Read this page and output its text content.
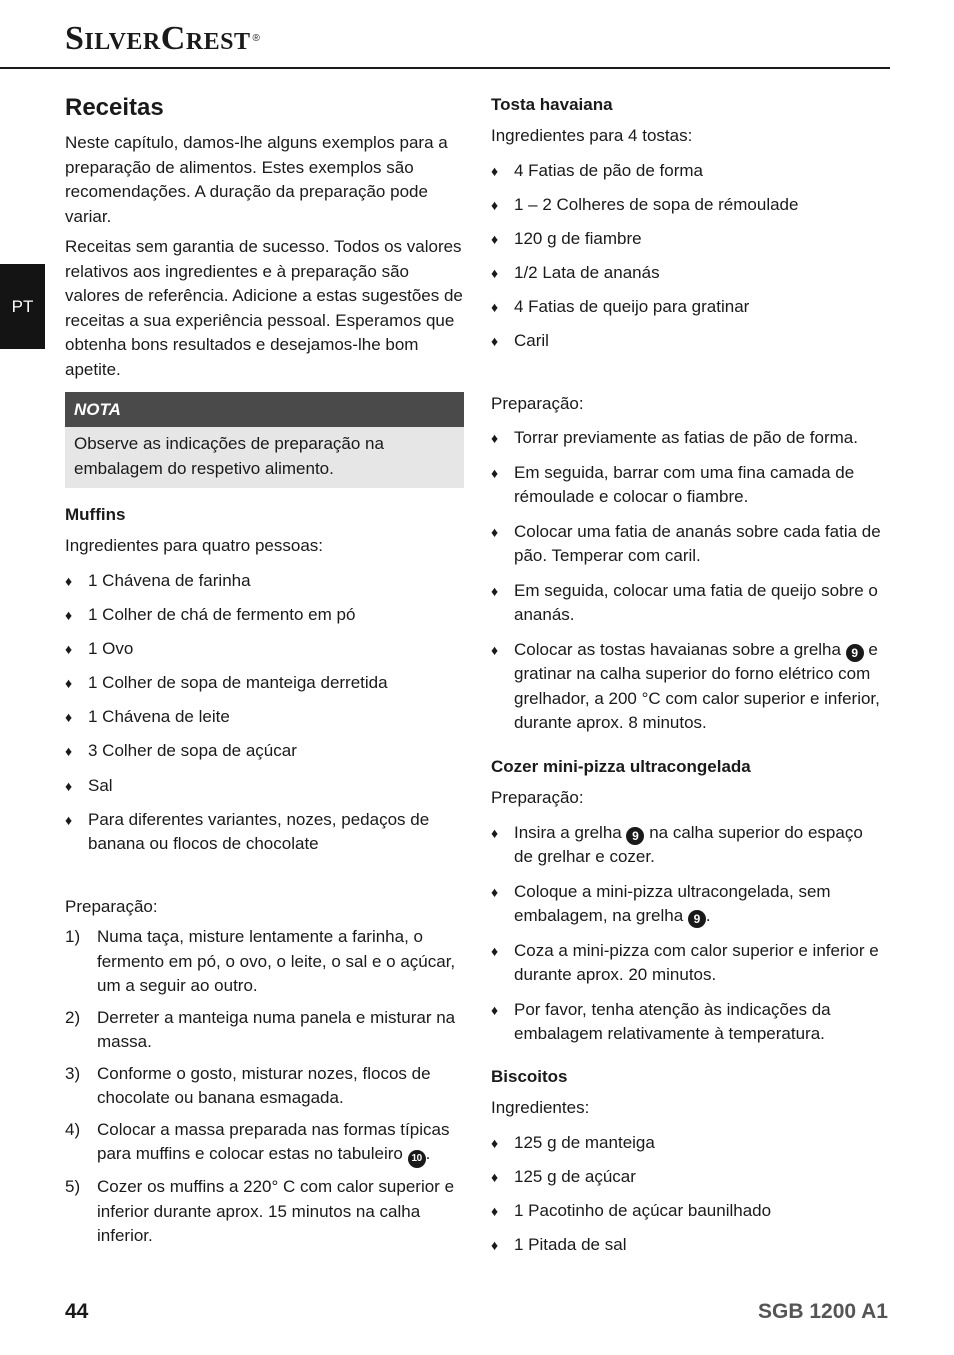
SILVERCREST ®
PT
Receitas

Neste capítulo, damos-lhe alguns exemplos para a preparação de alimentos. Estes exemplos são recomendações. A duração da preparação pode variar.

Receitas sem garantia de sucesso. Todos os valores relativos aos ingredientes e à preparação são valores de referência. Adicione a estas sugestões de receitas a sua experiência pessoal. Esperamos que obtenha bons resultados e desejamos-lhe bom apetite.

NOTA
Observe as indicações de preparação na embalagem do respetivo alimento.

Muffins

Ingredientes para quatro pessoas:

♦ 1 Chávena de farinha
♦ 1 Colher de chá de fermento em pó
♦ 1 Ovo
♦ 1 Colher de sopa de manteiga derretida
♦ 1 Chávena de leite
♦ 3 Colher de sopa de açúcar
♦ Sal
♦ Para diferentes variantes, nozes, pedaços de banana ou flocos de chocolate

Preparação:

1) Numa taça, misture lentamente a farinha, o fermento em pó, o ovo, o leite, o sal e o açúcar, um a seguir ao outro.
2) Derreter a manteiga numa panela e misturar na massa.
3) Conforme o gosto, misturar nozes, flocos de chocolate ou banana esmagada.
4) Colocar a massa preparada nas formas típicas para muffins e colocar estas no tabuleiro 10 .
5) Cozer os muffins a 220° C com calor superior e inferior durante aprox. 15 minutos na calha inferior.

Tosta havaiana

Ingredientes para 4 tostas:

♦ 4 Fatias de pão de forma
♦ 1 – 2 Colheres de sopa de rémoulade
♦ 120 g de fiambre
♦ 1/2 Lata de ananás
♦ 4 Fatias de queijo para gratinar
♦ Caril

Preparação:

♦ Torrar previamente as fatias de pão de forma.
♦ Em seguida, barrar com uma fina camada de rémoulade e colocar o fiambre.
♦ Colocar uma fatia de ananás sobre cada fatia de pão. Temperar com caril.
♦ Em seguida, colocar uma fatia de queijo sobre o ananás.
♦ Colocar as tostas havaianas sobre a grelha 9 e gratinar na calha superior do forno elétrico com grelhador, a 200 °C com calor superior e inferior, durante aprox. 8 minutos.

Cozer mini-pizza ultracongelada

Preparação:

♦ Insira a grelha 9 na calha superior do espaço de grelhar e cozer.
♦ Coloque a mini-pizza ultracongelada, sem embalagem, na grelha 9 .
♦ Coza a mini-pizza com calor superior e inferior e durante aprox. 20 minutos.
♦ Por favor, tenha atenção às indicações da embalagem relativamente à temperatura.

Biscoitos

Ingredientes:

♦ 125 g de manteiga
♦ 125 g de açúcar
♦ 1 Pacotinho de açúcar baunilhado
♦ 1 Pitada de sal
44	SGB 1200 A1
